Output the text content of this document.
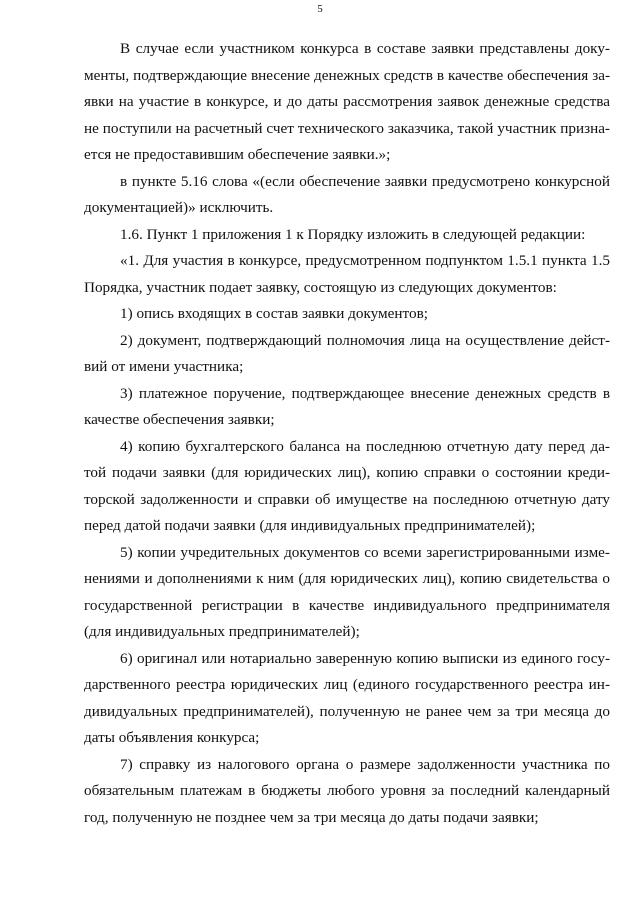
5
В случае если участником конкурса в составе заявки представлены доку-
менты, подтверждающие внесение денежных средств в качестве обеспечения за-
явки на участие в конкурсе, и до даты рассмотрения заявок денежные средства
не поступили на расчетный счет технического заказчика, такой участник призна-
ется не предоставившим обеспечение заявки.»;
в пункте 5.16 слова «(если обеспечение заявки предусмотрено конкурсной
документацией)» исключить.
1.6. Пункт 1 приложения 1 к Порядку изложить в следующей редакции:
«1. Для участия в конкурсе, предусмотренном подпунктом 1.5.1 пункта 1.5
Порядка, участник подает заявку, состоящую из следующих документов:
1) опись входящих в состав заявки документов;
2) документ, подтверждающий полномочия лица на осуществление дейст-
вий от имени участника;
3) платежное поручение, подтверждающее внесение денежных средств в
качестве обеспечения заявки;
4) копию бухгалтерского баланса на последнюю отчетную дату перед да-
той подачи заявки (для юридических лиц), копию справки о состоянии креди-
торской задолженности и справки об имуществе на последнюю отчетную дату
перед датой подачи заявки (для индивидуальных предпринимателей);
5) копии учредительных документов со всеми зарегистрированными изме-
нениями и дополнениями к ним (для юридических лиц), копию свидетельства о
государственной регистрации в качестве индивидуального предпринимателя
(для индивидуальных предпринимателей);
6) оригинал или нотариально заверенную копию выписки из единого госу-
дарственного реестра юридических лиц (единого государственного реестра ин-
дивидуальных предпринимателей), полученную не ранее чем за три месяца до
даты объявления конкурса;
7) справку из налогового органа о размере задолженности участника по
обязательным платежам в бюджеты любого уровня за последний календарный
год, полученную не позднее чем за три месяца до даты подачи заявки;
